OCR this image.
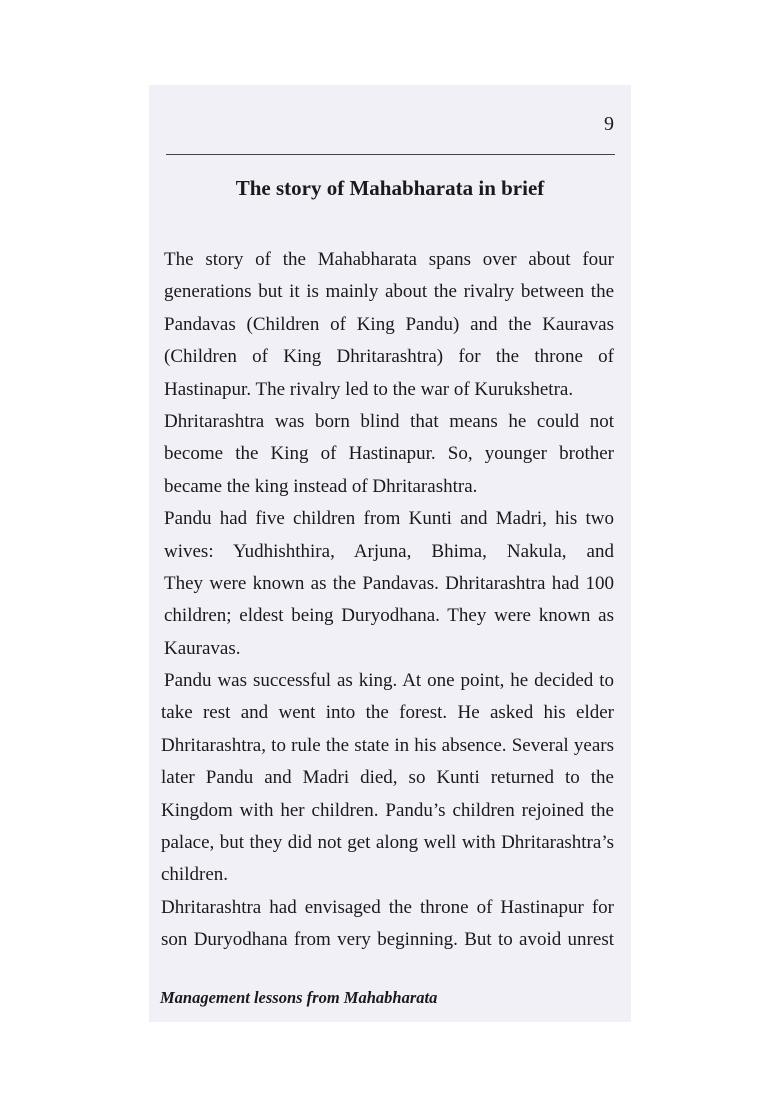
9
The story of Mahabharata in brief
The story of the Mahabharata spans over about four
generations but it is mainly about the rivalry between the
Pandavas (Children of King Pandu) and the Kauravas
(Children of King Dhritarashtra) for the throne of
Hastinapur. The rivalry led to the war of Kurukshetra.
Dhritarashtra was born blind that means he could not
become the King of Hastinapur. So, younger brother
became the king instead of Dhritarashtra.
Pandu had five children from Kunti and Madri, his two
wives: Yudhishthira, Arjuna, Bhima, Nakula, and
They were known as the Pandavas. Dhritarashtra had 100
children; eldest being Duryodhana. They were known as
Kauravas.
Pandu was successful as king. At one point, he decided to
take rest and went into the forest. He asked his elder
Dhritarashtra, to rule the state in his absence. Several years
later Pandu and Madri died, so Kunti returned to the
Kingdom with her children. Pandu’s children rejoined the
palace, but they did not get along well with Dhritarashtra’s
children.
Dhritarashtra had envisaged the throne of Hastinapur for
son Duryodhana from very beginning. But to avoid unrest
Management lessons from Mahabharata
